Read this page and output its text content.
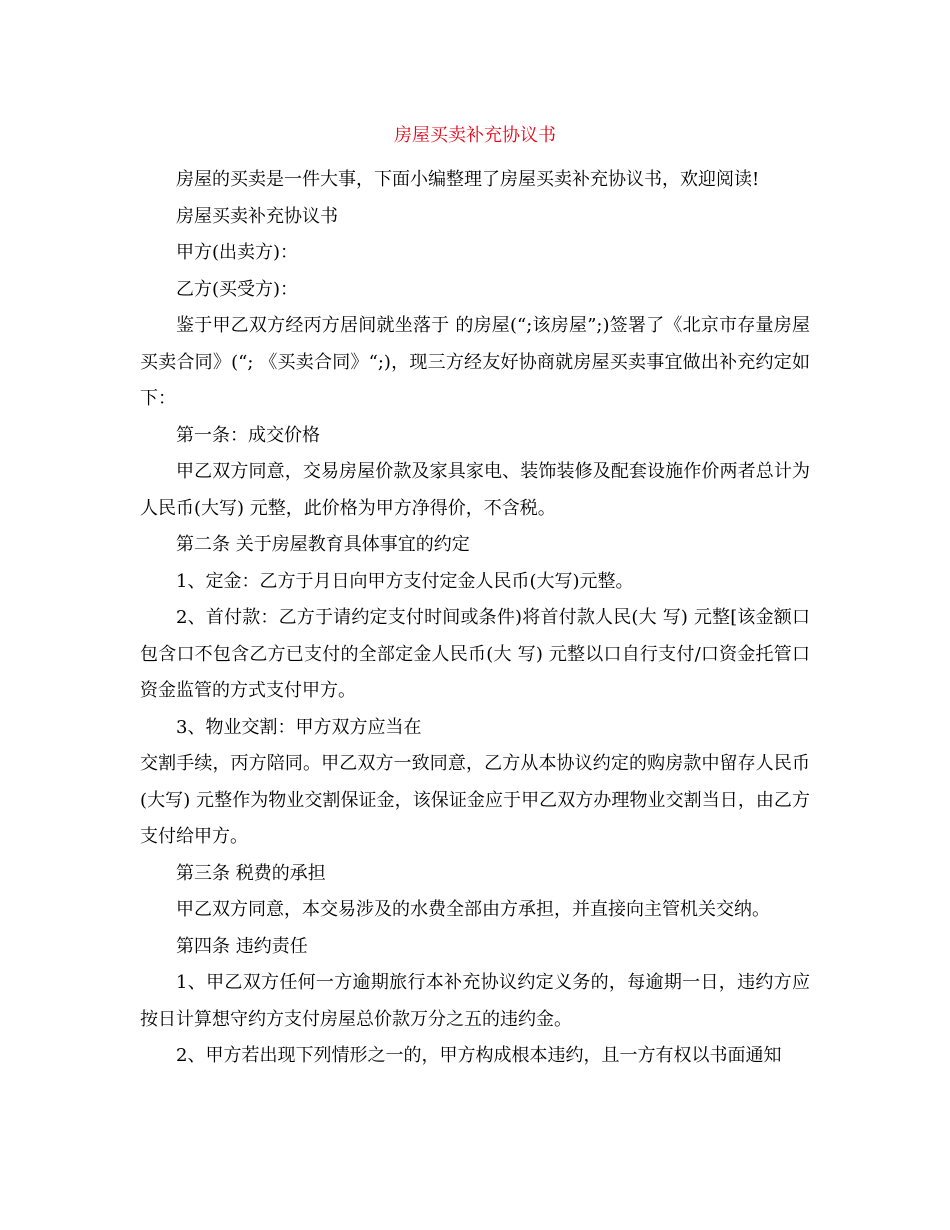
房屋买卖补充协议书

房屋的买卖是一件大事，下面小编整理了房屋买卖补充协议书，欢迎阅读!

房屋买卖补充协议书

甲方(出卖方)：

乙方(买受方)：

鉴于甲乙双方经丙方居间就坐落于 的房屋(“;该房屋”;)签署了《北京市存量房屋买卖合同》(“; 《买卖合同》“;)，现三方经友好协商就房屋买卖事宜做出补充约定如下：

第一条：成交价格

甲乙双方同意，交易房屋价款及家具家电、装饰装修及配套设施作价两者总计为人民币(大写) 元整，此价格为甲方净得价，不含税。

第二条 关于房屋教育具体事宜的约定

1、定金：乙方于月日向甲方支付定金人民币(大写)元整。

2、首付款：乙方于请约定支付时间或条件)将首付款人民(大 写) 元整[该金额口包含口不包含乙方已支付的全部定金人民币(大 写) 元整以口自行支付/口资金托管口资金监管的方式支付甲方。

3、物业交割：甲方双方应当在

交割手续，丙方陪同。甲乙双方一致同意，乙方从本协议约定的购房款中留存人民币(大写) 元整作为物业交割保证金，该保证金应于甲乙双方办理物业交割当日，由乙方支付给甲方。

第三条 税费的承担

甲乙双方同意，本交易涉及的水费全部由方承担，并直接向主管机关交纳。

第四条 违约责任

1、甲乙双方任何一方逾期旅行本补充协议约定义务的，每逾期一日，违约方应按日计算想守约方支付房屋总价款万分之五的违约金。

2、甲方若出现下列情形之一的，甲方构成根本违约，且一方有权以书面通知
